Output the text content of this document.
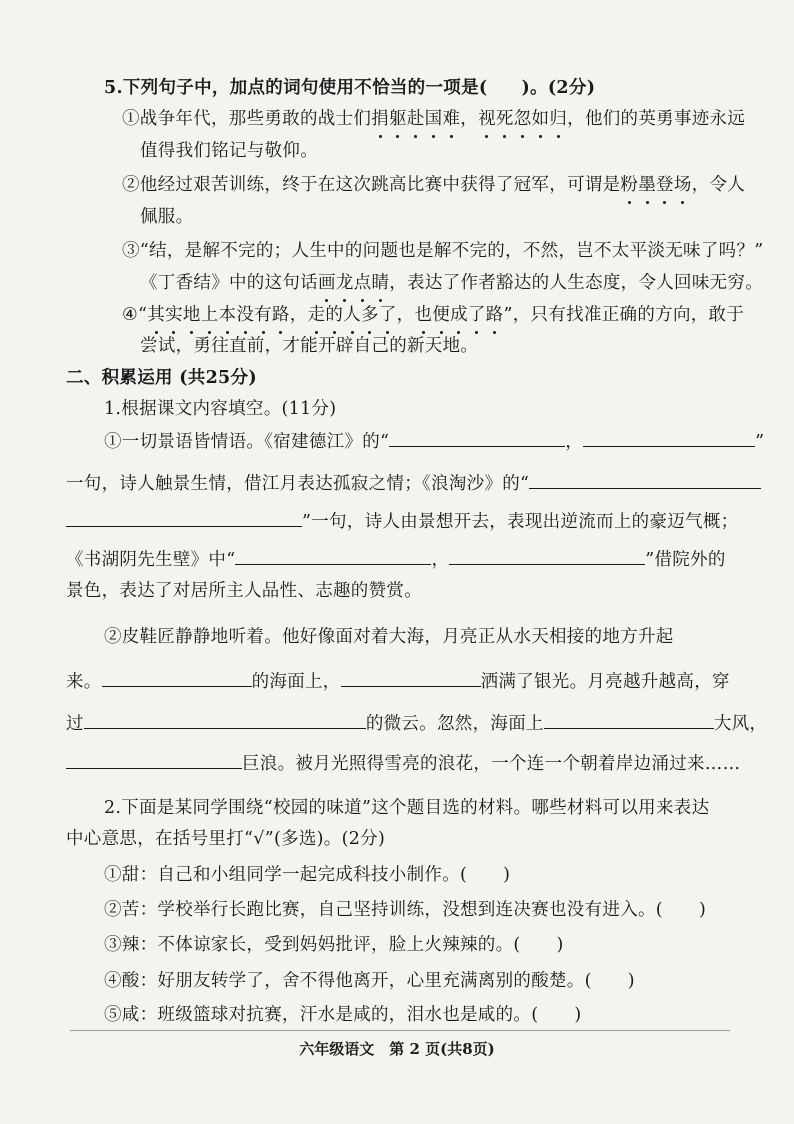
5.下列句子中，加点的词句使用不恰当的一项是( )。(2分)
①战争年代，那些勇敢的战士们捐躯赴国难，视死忽如归，他们的英勇事迹永远
值得我们铭记与敬仰。
②他经过艰苦训练，终于在这次跳高比赛中获得了冠军，可谓是粉墨登场，令人
佩服。
③“结，是解不完的；人生中的问题也是解不完的，不然，岂不太平淡无味了吗？”
《丁香结》中的这句话画龙点睛，表达了作者豁达的人生态度，令人回味无穷。
④“其实地上本没有路，走的人多了，也便成了路”，只有找准正确的方向，敢于
尝试，勇往直前，才能开辟自己的新天地。
二、积累运用 (共25分)
1.根据课文内容填空。(11分)
①一切景语皆情语。《宿建德江》的“	，	”
一句，诗人触景生情，借江月表达孤寂之情；《浪淘沙》的“
”一句，诗人由景想开去，表现出逆流而上的豪迈气概；
《书湖阴先生壁》中“	，	”借院外的
景色，表达了对居所主人品性、志趣的赞赏。
②皮鞋匠静静地听着。他好像面对着大海，月亮正从水天相接的地方升起
来。	的海面上，	洒满了银光。月亮越升越高，穿
过	的微云。忽然，海面上	大风，
巨浪。被月光照得雪亮的浪花，一个连一个朝着岸边涌过来……
2.下面是某同学围绕“校园的味道”这个题目选的材料。哪些材料可以用来表达
中心意思，在括号里打“√”(多选)。(2分)
①甜：自己和小组同学一起完成科技小制作。( )
②苦：学校举行长跑比赛，自己坚持训练，没想到连决赛也没有进入。( )
③辣：不体谅家长，受到妈妈批评，脸上火辣辣的。( )
④酸：好朋友转学了，舍不得他离开，心里充满离别的酸楚。( )
⑤咸：班级篮球对抗赛，汗水是咸的，泪水也是咸的。( )
六年级语文　第 2 页(共8页)
